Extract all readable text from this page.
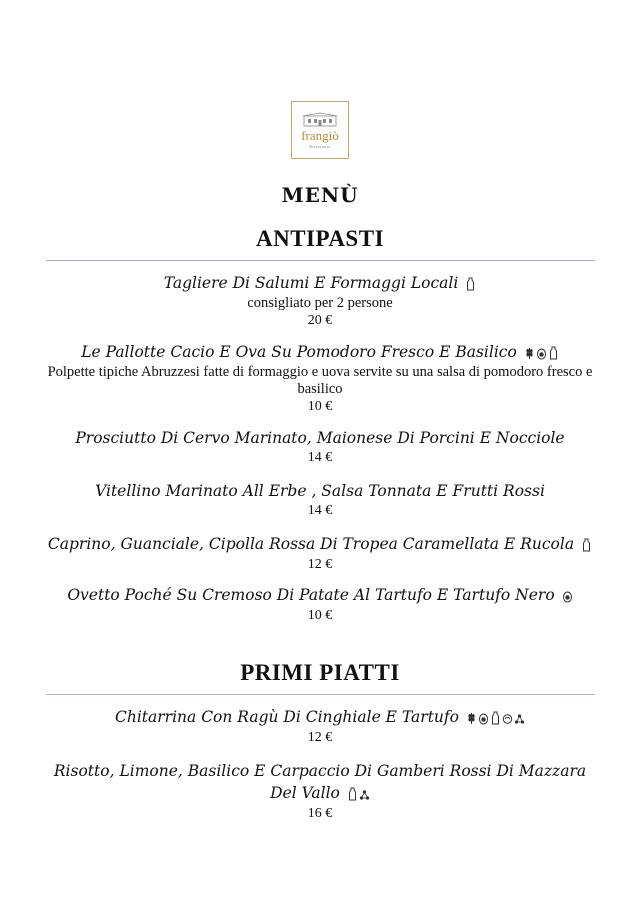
frangiò
Ristorante
MENÙ
ANTIPASTI
Tagliere Di Salumi E Formaggi Locali
consigliato per 2 persone
20 €
Le Pallotte Cacio E Ova Su Pomodoro Fresco E Basilico
Polpette tipiche Abruzzesi fatte di formaggio e uova servite su una salsa di pomodoro fresco e basilico
10 €
Prosciutto Di Cervo Marinato, Maionese Di Porcini E Nocciole
14 €
Vitellino Marinato All Erbe , Salsa Tonnata E Frutti Rossi
14 €
Caprino, Guanciale, Cipolla Rossa Di Tropea Caramellata E Rucola
12 €
Ovetto Poché Su Cremoso Di Patate Al Tartufo E Tartufo Nero
10 €
PRIMI PIATTI
Chitarrina Con Ragù Di Cinghiale E Tartufo
12 €
Risotto, Limone, Basilico E Carpaccio Di Gamberi Rossi Di Mazzara Del Vallo
16 €
